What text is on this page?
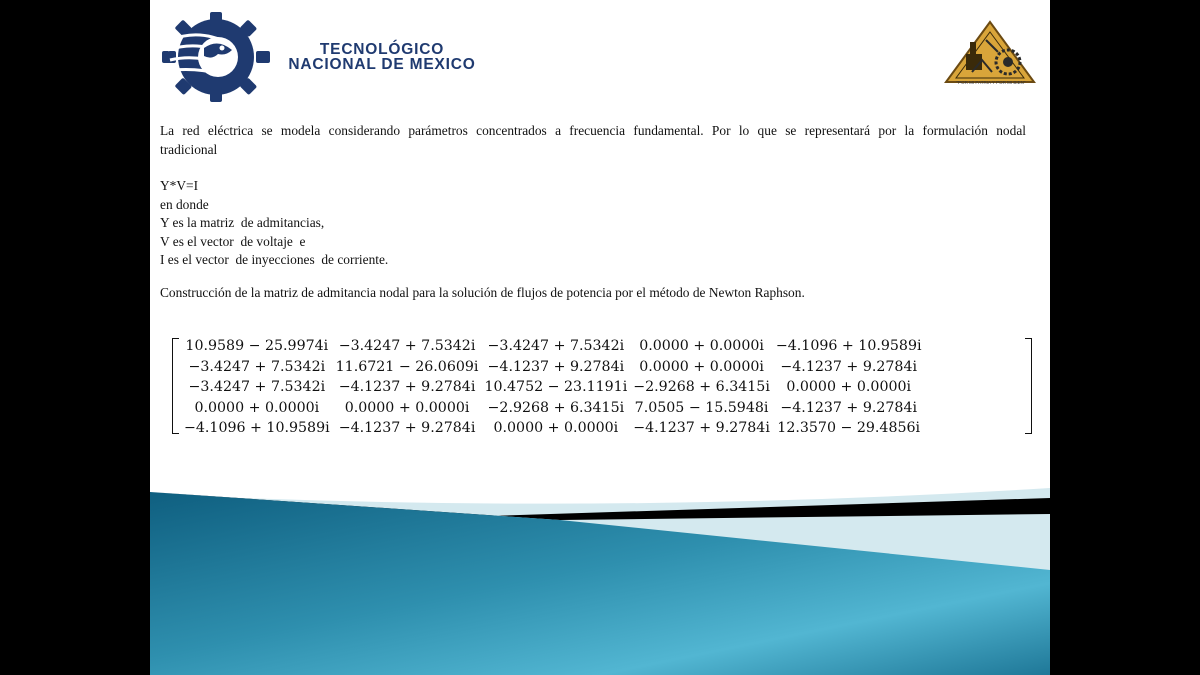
TECNOLÓGICO
NACIONAL DE MEXICO
"POR MI PATRIA Y POR MI BIEN"
La red eléctrica se modela considerando parámetros concentrados a frecuencia fundamental. Por lo que se representará por la formulación nodal tradicional
Y*V=I
en donde
Y es la matriz  de admitancias,
V es el vector  de voltaje  e
I es el vector  de inyecciones  de corriente.
Construcción de la matriz de admitancia nodal para la solución de flujos de potencia por el método de Newton Raphson.
10.9589 − 25.9974i	−3.4247 + 7.5342i	−3.4247 + 7.5342i	0.0000 + 0.0000i	−4.1096 + 10.9589i
−3.4247 + 7.5342i	11.6721 − 26.0609i	−4.1237 + 9.2784i	0.0000 + 0.0000i	−4.1237 + 9.2784i
−3.4247 + 7.5342i	−4.1237 + 9.2784i	10.4752 − 23.1191i	−2.9268 + 6.3415i	0.0000 + 0.0000i
0.0000 + 0.0000i	0.0000 + 0.0000i	−2.9268 + 6.3415i	7.0505 − 15.5948i	−4.1237 + 9.2784i
−4.1096 + 10.9589i	−4.1237 + 9.2784i	0.0000 + 0.0000i	−4.1237 + 9.2784i	12.3570 − 29.4856i
